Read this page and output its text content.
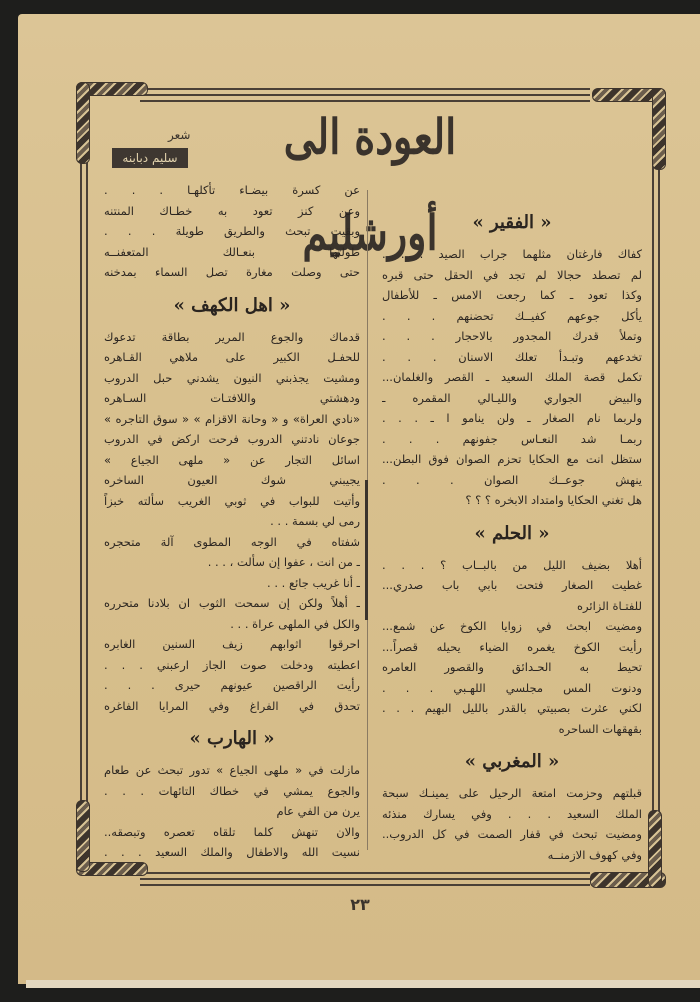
العودة الى أورشليم
شعر
سليم دبابنه
« الفقير »
كفاك فارغتان مثلهما جراب الصيد . . .
لم تصطد حجالا لم تجد في الحقل حتى قبره
وكذا تعود ـ كما رجعت الامس ـ للأطفال
يأكل جوعهم كفيــك تحضنهم . . .
وتملأ قدرك المجدور بالاحجار . . .
تخدعهم وتبـدأ تعلك الاسنان . . .
تكمل قصة الملك السعيد ـ القصر والغلمان...
والبيض الجواري والليـالي المقمره ـ
ولربما نام الصغار ـ ولن ينامو ا ـ . . .
ربمـا شد النعـاس جفونهم . . .
ستظل انت مع الحكايا تحزم الصوان فوق البطن...
ينهش جوعــك الصوان . . .
هل تغني الحكايا وامتداد الابخره ؟ ؟ ؟
« الحلم »
أهلا بضيف الليل من بالبــاب ؟ . . .
غطيت الصغار فتحت بابي باب صدري...
للفتـاة الزائره
ومضيت ابحث في زوايا الكوخ عن شمع...
رأيت الكوخ يغمره الضياء يحيله قصراً...
تحيط به الحـدائق والقصور العامره
ودنوت المس مجلسي اللهـبي . . .
لكني عثرت بصبيتي بالقدر بالليل البهيم . . .
بقهقهات الساحره
« المغربي »
قبلتهم وحزمت امتعة الرحيل على يمينـك سبحة
الملك السعيد . . . وفي يسارك منذئه
ومضيت تبحث في قفار الصمت في كل الدروب..
وفي كهوف الازمنــه
عن كسرة بيضـاء تأكلهـا . . .
وعن كنز تعود به خطـاك المنتنه
وبقيت تبحث والطريق طويلة . . .
طولتها بنعـالك المتعفنــه
حتى وصلت مغارة تصل السماء بمدخنه
« اهل الكهف »
قدماك والجوع المرير بطاقة تدعوك
للحفـل الكبير على ملاهي القـاهره
ومشيت يجذبني النيون يشدني حبل الدروب
ودهشتي واللافتـات السـاهره
«نادي العراة» و « وحانة الاقزام » « سوق التاجره »
جوعان نادتني الدروب فرحت اركض في الدروب
اسائل التجار عن « ملهى الجياع »
يجيبني شوك العيون الساخره
وأتيت للبواب في ثوبي الغريب سألته خبزاً
رمى لي بسمة . . .
شفتاه في الوجه المطوى آلة متحجره
ـ من انت ، عفوا إن سألت ، . . .
ـ أنا غريب جائع . . .
ـ أهلاً ولكن إن سمحت الثوب ان بلادنا متحرره
والكل في الملهى عراة . . .
احرقوا اثوابهم زيف السنين الغابره
اعطيته ودخلت صوت الجاز ارعبني . . .
رأيت الراقصين عيونهم حيرى . . .
تحدق في الفراغ وفي المرايا الفاغره
« الهارب »
مازلت في « ملهى الجياع » تدور تبحث عن طعام
والجوع يمشي في خطاك التائهات . . .
يرن من الفي عام
والان تنهش كلما تلقاه تعصره وتبصقه..
نسيت الله والاطفال والملك السعيد . . .
٢٣
